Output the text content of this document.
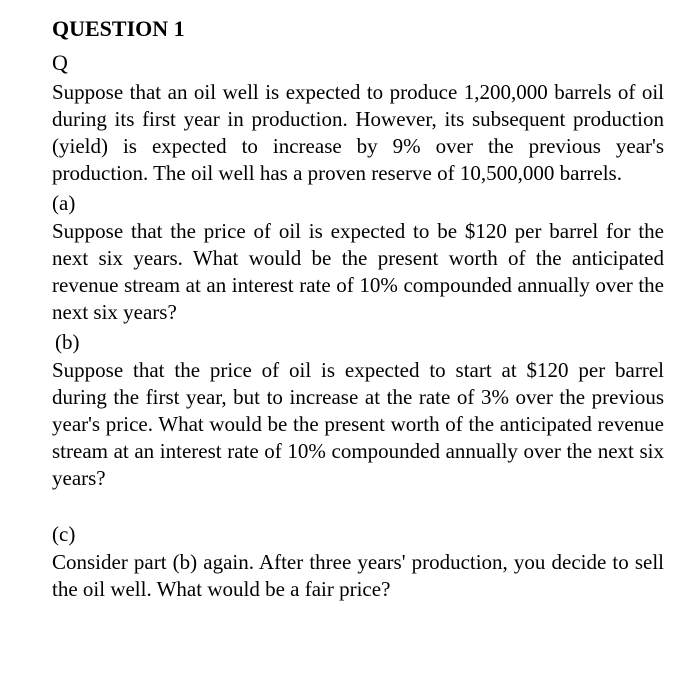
QUESTION 1
Q

Suppose that an oil well is expected to produce 1,200,000 barrels of oil during its first year in production. However, its subsequent production (yield) is expected to increase by 9% over the previous year's production. The oil well has a proven reserve of 10,500,000 barrels.

(a)

Suppose that the price of oil is expected to be $120 per barrel for the next six years. What would be the present worth of the anticipated revenue stream at an interest rate of 10% compounded annually over the next six years?

(b)

Suppose that the price of oil is expected to start at $120 per barrel during the first year, but to increase at the rate of 3% over the previous year's price. What would be the present worth of the anticipated revenue stream at an interest rate of 10% compounded annually over the next six years?

(c)

Consider part (b) again. After three years' production, you decide to sell the oil well. What would be a fair price?
